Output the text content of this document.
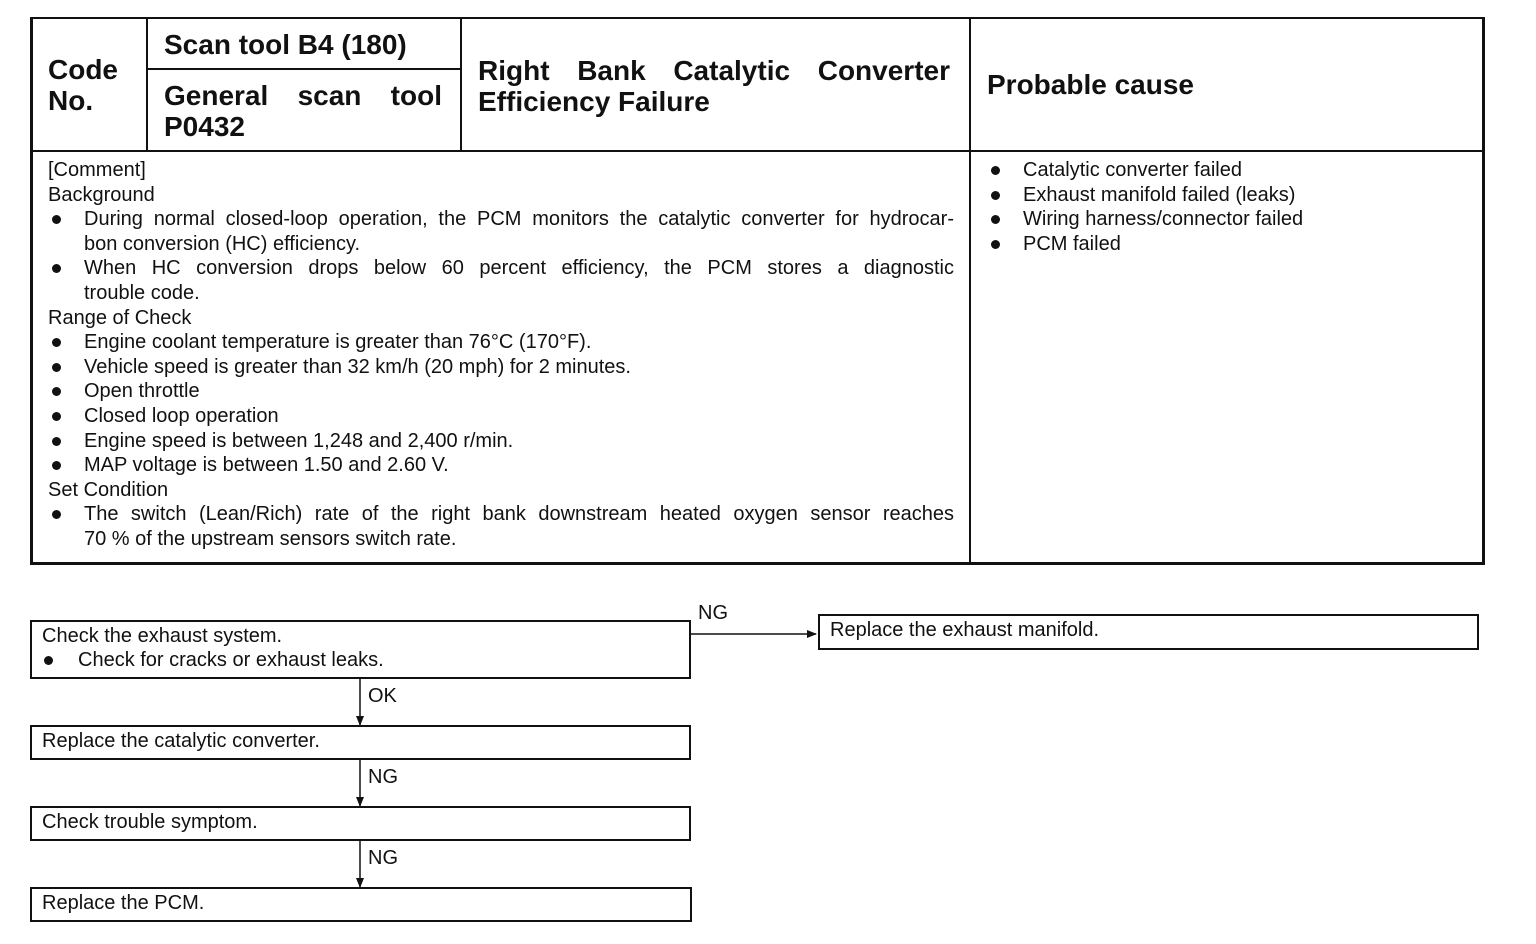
Code
No.
Scan tool B4 (180)
General scan tool
P0432
Right Bank Catalytic Converter
Efficiency Failure
Probable cause
[Comment]
Background
During normal closed-loop operation, the PCM monitors the catalytic converter for hydrocar-
bon conversion (HC) efficiency.
When HC conversion drops below 60 percent efficiency, the PCM stores a diagnostic
trouble code.
Range of Check
Engine coolant temperature is greater than 76°C (170°F).
Vehicle speed is greater than 32 km/h (20 mph) for 2 minutes.
Open throttle
Closed loop operation
Engine speed is between 1,248 and 2,400 r/min.
MAP voltage is between 1.50 and 2.60 V.
Set Condition
The switch (Lean/Rich) rate of the right bank downstream heated oxygen sensor reaches
70 % of the upstream sensors switch rate.
Catalytic converter failed
Exhaust manifold failed (leaks)
Wiring harness/connector failed
PCM failed
Check the exhaust system.
Check for cracks or exhaust leaks.
NG
Replace the exhaust manifold.
OK
Replace the catalytic converter.
NG
Check trouble symptom.
NG
Replace the PCM.
